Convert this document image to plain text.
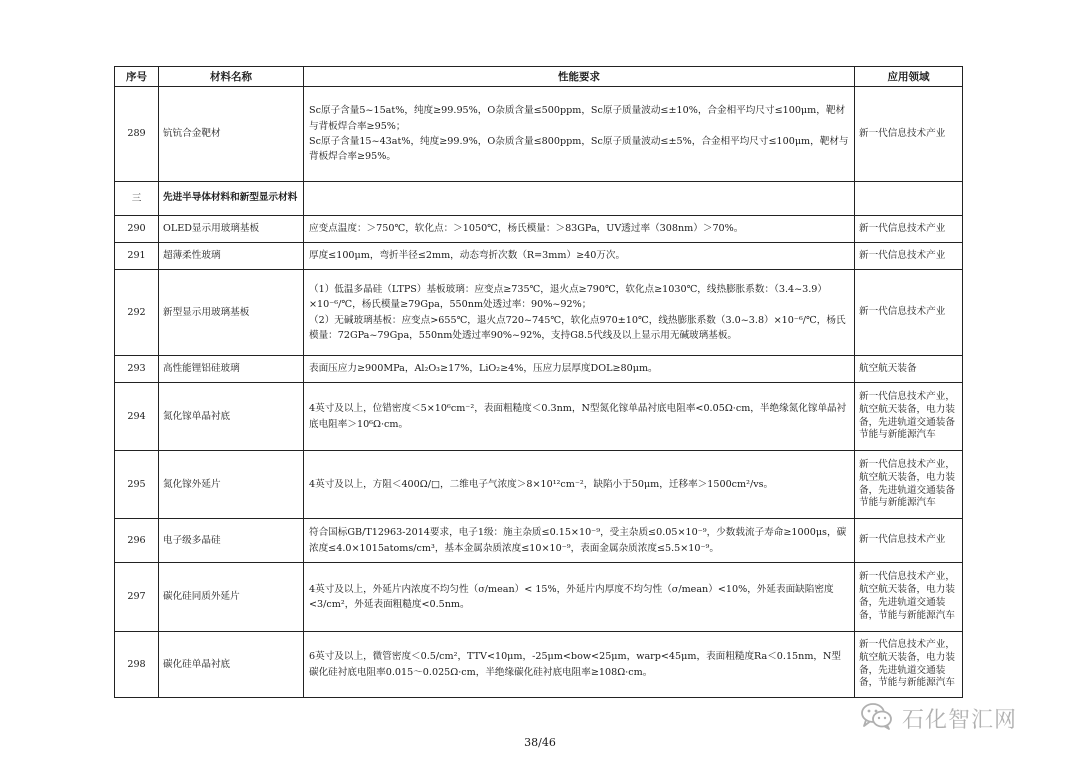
序号	材料名称	性能要求	应用领域
289	钪钪合金靶材	Sc原子含量5~15at%，纯度≥99.95%，O杂质含量≤500ppm，Sc原子质量波动≤±10%，合金相平均尺寸≤100μm，靶材与背板焊合率≥95%；
Sc原子含量15~43at%，纯度≥99.9%，O杂质含量≤800ppm，Sc原子质量波动≤±5%，合金相平均尺寸≤100μm，靶材与背板焊合率≥95%。	新一代信息技术产业
三	先进半导体材料和新型显示材料		
290	OLED显示用玻璃基板	应变点温度：＞750℃，软化点：＞1050℃，杨氏模量：＞83GPa，UV透过率（308nm）＞70%。	新一代信息技术产业
291	超薄柔性玻璃	厚度≤100μm，弯折半径≤2mm，动态弯折次数（R=3mm）≥40万次。	新一代信息技术产业
292	新型显示用玻璃基板	（1）低温多晶硅（LTPS）基板玻璃：应变点≥735℃，退火点≥790℃，软化点≥1030℃，线热膨胀系数：（3.4~3.9）×10⁻⁶/℃，杨氏模量≥79Gpa，550nm处透过率：90%~92%；
（2）无碱玻璃基板：应变点>655℃，退火点720~745℃，软化点970±10℃，线热膨胀系数（3.0~3.8）×10⁻⁶/℃，杨氏模量：72GPa~79Gpa，550nm处透过率90%~92%，支持G8.5代线及以上显示用无碱玻璃基板。	新一代信息技术产业
293	高性能锂铝硅玻璃	表面压应力≥900MPa，Al₂O₃≥17%，LiO₂≥4%，压应力层厚度DOL≥80μm。	航空航天装备
294	氮化镓单晶衬底	4英寸及以上，位错密度＜5×10⁶cm⁻²，表面粗糙度＜0.3nm，N型氮化镓单晶衬底电阻率<0.05Ω·cm，半绝缘氮化镓单晶衬底电阻率＞10⁶Ω·cm。	新一代信息技术产业，航空航天装备，电力装备，先进轨道交通装备
节能与新能源汽车
295	氮化镓外延片	4英寸及以上，方阻＜400Ω/□，二维电子气浓度＞8×10¹²cm⁻²，缺陷小于50μm，迁移率＞1500cm²/vs。	新一代信息技术产业，航空航天装备，电力装备，先进轨道交通装备
节能与新能源汽车
296	电子级多晶硅	符合国标GB/T12963-2014要求，电子1级：施主杂质≤0.15×10⁻⁹，受主杂质≤0.05×10⁻⁹，少数载流子寿命≥1000μs，碳浓度≤4.0×1015atoms/cm³，基本金属杂质浓度≤10×10⁻⁹，表面金属杂质浓度≤5.5×10⁻⁹。	新一代信息技术产业
297	碳化硅同质外延片	4英寸及以上，外延片内浓度不均匀性（σ/mean）< 15%，外延片内厚度不均匀性（σ/mean）<10%，外延表面缺陷密度<3/cm²，外延表面粗糙度<0.5nm。	新一代信息技术产业，航空航天装备，电力装备，先进轨道交通装备，节能与新能源汽车
298	碳化硅单晶衬底	6英寸及以上，微管密度＜0.5/cm²，TTV<10μm，-25μm<bow<25μm，warp<45μm，表面粗糙度Ra＜0.15nm，N型碳化硅衬底电阻率0.015～0.025Ω·cm，半绝缘碳化硅衬底电阻率≥108Ω·cm。	新一代信息技术产业，航空航天装备，电力装备，先进轨道交通装备，节能与新能源汽车
石化智汇网
38/46
